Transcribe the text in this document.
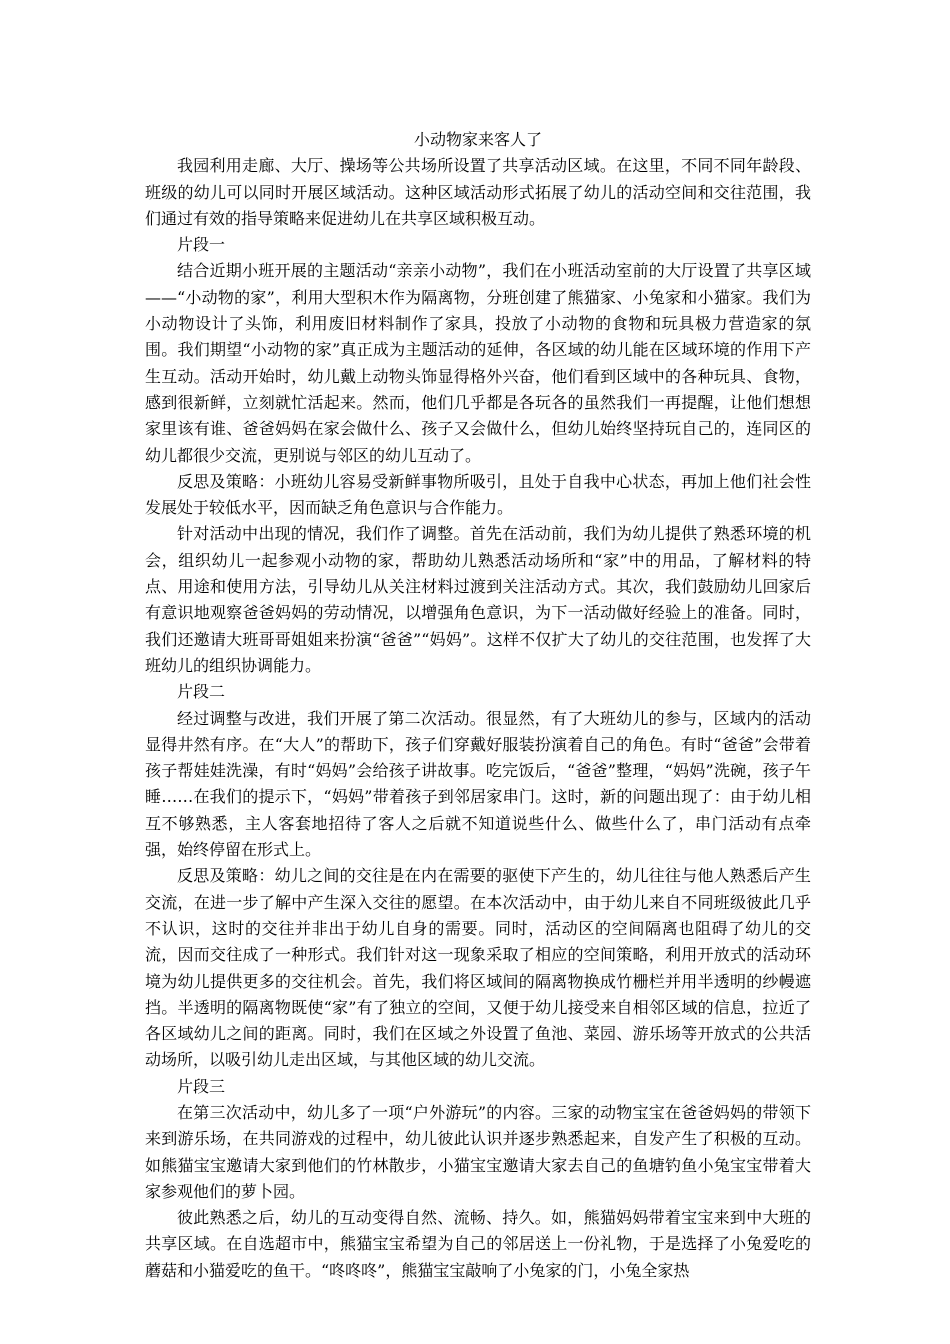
小动物家来客人了

我园利用走廊、大厅、操场等公共场所设置了共享活动区域。在这里，不同不同年龄段、班级的幼儿可以同时开展区域活动。这种区域活动形式拓展了幼儿的活动空间和交往范围，我们通过有效的指导策略来促进幼儿在共享区域积极互动。

片段一

结合近期小班开展的主题活动“亲亲小动物”，我们在小班活动室前的大厅设置了共享区域——“小动物的家”，利用大型积木作为隔离物，分班创建了熊猫家、小兔家和小猫家。我们为小动物设计了头饰，利用废旧材料制作了家具，投放了小动物的食物和玩具极力营造家的氛围。我们期望“小动物的家”真正成为主题活动的延伸，各区域的幼儿能在区域环境的作用下产生互动。活动开始时，幼儿戴上动物头饰显得格外兴奋，他们看到区域中的各种玩具、食物，感到很新鲜，立刻就忙活起来。然而，他们几乎都是各玩各的虽然我们一再提醒，让他们想想家里该有谁、爸爸妈妈在家会做什么、孩子又会做什么，但幼儿始终坚持玩自己的，连同区的幼儿都很少交流，更别说与邻区的幼儿互动了。

反思及策略：小班幼儿容易受新鲜事物所吸引，且处于自我中心状态，再加上他们社会性发展处于较低水平，因而缺乏角色意识与合作能力。

针对活动中出现的情况，我们作了调整。首先在活动前，我们为幼儿提供了熟悉环境的机会，组织幼儿一起参观小动物的家，帮助幼儿熟悉活动场所和“家”中的用品，了解材料的特点、用途和使用方法，引导幼儿从关注材料过渡到关注活动方式。其次，我们鼓励幼儿回家后有意识地观察爸爸妈妈的劳动情况，以增强角色意识，为下一活动做好经验上的准备。同时，我们还邀请大班哥哥姐姐来扮演“爸爸”“妈妈”。这样不仅扩大了幼儿的交往范围，也发挥了大班幼儿的组织协调能力。

片段二

经过调整与改进，我们开展了第二次活动。很显然，有了大班幼儿的参与，区域内的活动显得井然有序。在“大人”的帮助下，孩子们穿戴好服装扮演着自己的角色。有时“爸爸”会带着孩子帮娃娃洗澡，有时“妈妈”会给孩子讲故事。吃完饭后，“爸爸”整理，“妈妈”洗碗，孩子午睡……在我们的提示下，“妈妈”带着孩子到邻居家串门。这时，新的问题出现了：由于幼儿相互不够熟悉，主人客套地招待了客人之后就不知道说些什么、做些什么了，串门活动有点牵强，始终停留在形式上。

反思及策略：幼儿之间的交往是在内在需要的驱使下产生的，幼儿往往与他人熟悉后产生交流，在进一步了解中产生深入交往的愿望。在本次活动中，由于幼儿来自不同班级彼此几乎不认识，这时的交往并非出于幼儿自身的需要。同时，活动区的空间隔离也阻碍了幼儿的交流，因而交往成了一种形式。我们针对这一现象采取了相应的空间策略，利用开放式的活动环境为幼儿提供更多的交往机会。首先，我们将区域间的隔离物换成竹栅栏并用半透明的纱幔遮挡。半透明的隔离物既使“家”有了独立的空间，又便于幼儿接受来自相邻区域的信息，拉近了各区域幼儿之间的距离。同时，我们在区域之外设置了鱼池、菜园、游乐场等开放式的公共活动场所，以吸引幼儿走出区域，与其他区域的幼儿交流。

片段三

在第三次活动中，幼儿多了一项“户外游玩”的内容。三家的动物宝宝在爸爸妈妈的带领下来到游乐场，在共同游戏的过程中，幼儿彼此认识并逐步熟悉起来，自发产生了积极的互动。如熊猫宝宝邀请大家到他们的竹林散步，小猫宝宝邀请大家去自己的鱼塘钓鱼小兔宝宝带着大家参观他们的萝卜园。

彼此熟悉之后，幼儿的互动变得自然、流畅、持久。如，熊猫妈妈带着宝宝来到中大班的共享区域。在自选超市中，熊猫宝宝希望为自己的邻居送上一份礼物，于是选择了小兔爱吃的蘑菇和小猫爱吃的鱼干。“咚咚咚”，熊猫宝宝敲响了小兔家的门，小兔全家热
